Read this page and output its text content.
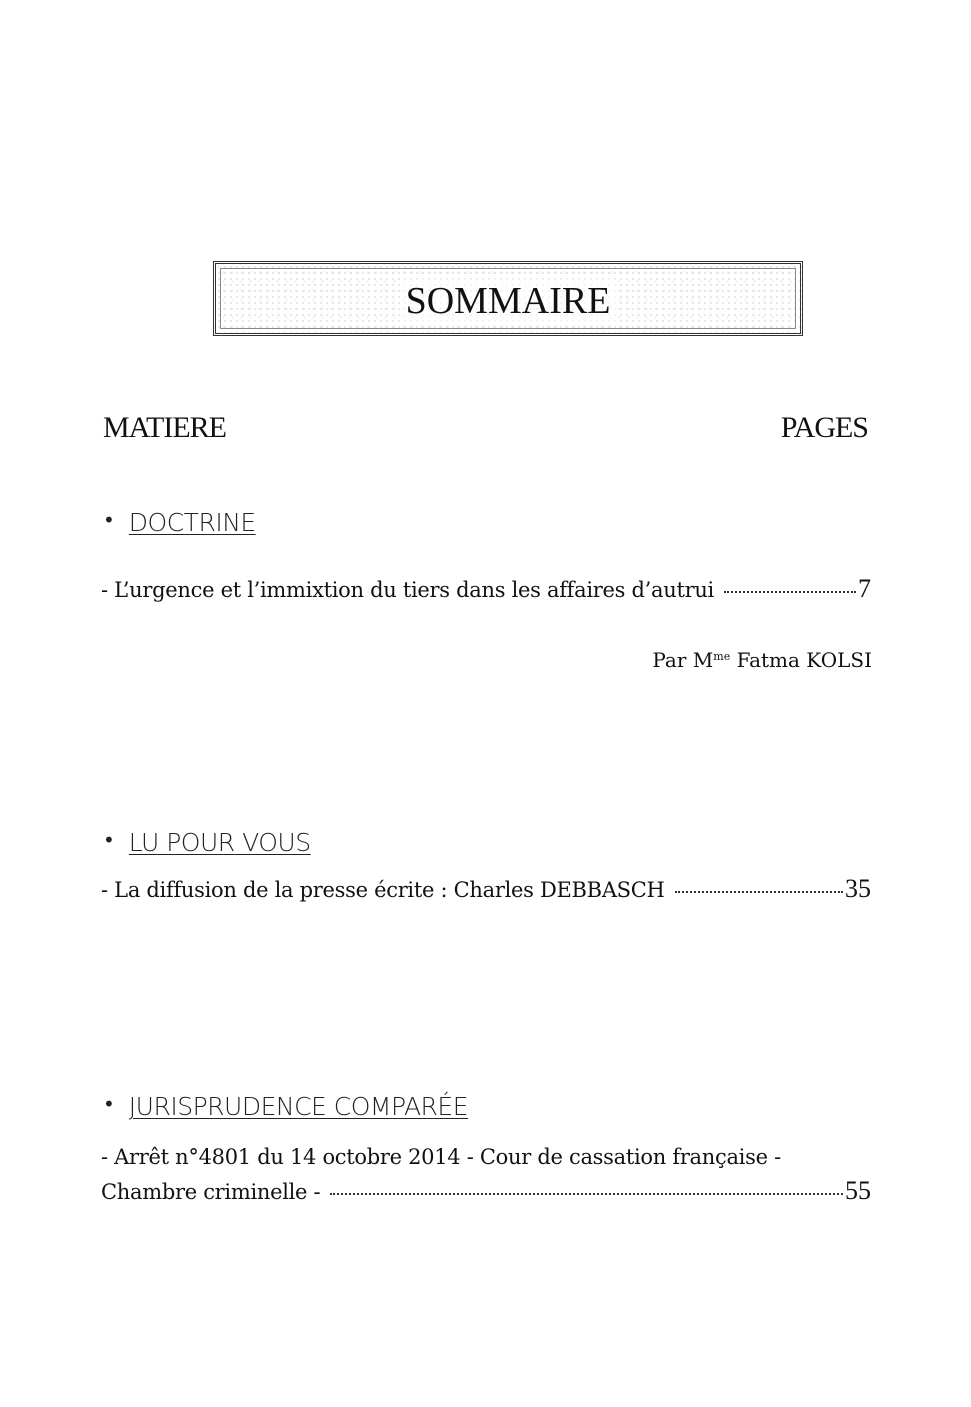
SOMMAIRE
MATIERE	PAGES
• DOCTRINE
- L’urgence et l’immixtion du tiers dans les affaires d’autrui	7
Par $M^{me}$ Fatma KOLSI
• LU POUR VOUS
- La diffusion de la presse écrite : Charles DEBBASCH	35
• JURISPRUDENCE COMPARÉE
- Arrêt n°4801 du 14 octobre 2014 - Cour de cassation française -
Chambre criminelle -	55
